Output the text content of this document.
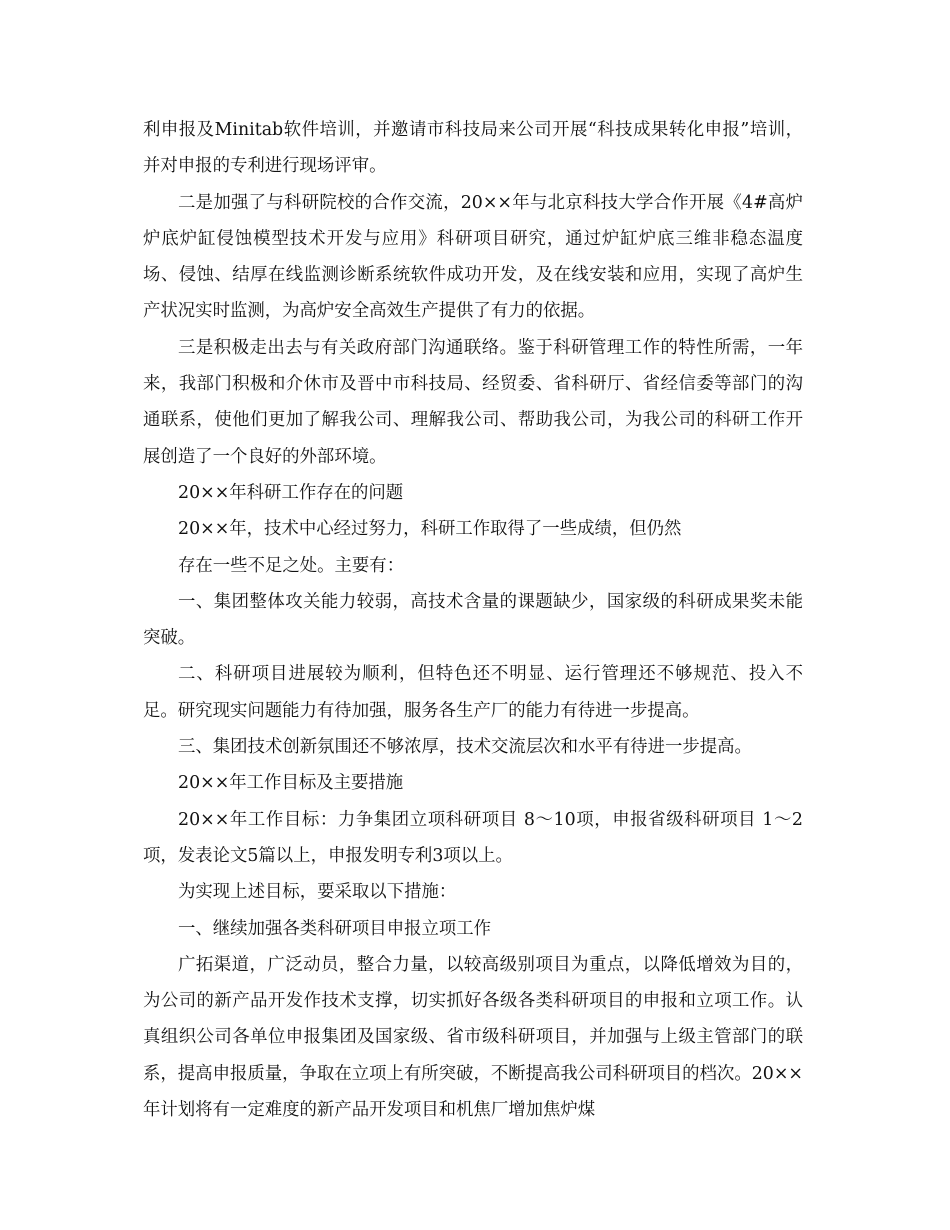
利申报及Minitab软件培训，并邀请市科技局来公司开展“科技成果转化申报”培训，并对申报的专利进行现场评审。

二是加强了与科研院校的合作交流，20××年与北京科技大学合作开展《4#高炉炉底炉缸侵蚀模型技术开发与应用》科研项目研究，通过炉缸炉底三维非稳态温度场、侵蚀、结厚在线监测诊断系统软件成功开发，及在线安装和应用，实现了高炉生产状况实时监测，为高炉安全高效生产提供了有力的依据。

三是积极走出去与有关政府部门沟通联络。鉴于科研管理工作的特性所需，一年来，我部门积极和介休市及晋中市科技局、经贸委、省科研厅、省经信委等部门的沟通联系，使他们更加了解我公司、理解我公司、帮助我公司，为我公司的科研工作开展创造了一个良好的外部环境。

20××年科研工作存在的问题

20××年，技术中心经过努力，科研工作取得了一些成绩，但仍然

存在一些不足之处。主要有：

一、集团整体攻关能力较弱，高技术含量的课题缺少，国家级的科研成果奖未能突破。

二、科研项目进展较为顺利，但特色还不明显、运行管理还不够规范、投入不足。研究现实问题能力有待加强，服务各生产厂的能力有待进一步提高。

三、集团技术创新氛围还不够浓厚，技术交流层次和水平有待进一步提高。

20××年工作目标及主要措施

20××年工作目标：力争集团立项科研项目 8～10项，申报省级科研项目 1～2项，发表论文5篇以上，申报发明专利3项以上。

为实现上述目标，要采取以下措施：

一、继续加强各类科研项目申报立项工作

广拓渠道，广泛动员，整合力量，以较高级别项目为重点，以降低增效为目的，为公司的新产品开发作技术支撑，切实抓好各级各类科研项目的申报和立项工作。认真组织公司各单位申报集团及国家级、省市级科研项目，并加强与上级主管部门的联系，提高申报质量，争取在立项上有所突破，不断提高我公司科研项目的档次。20××年计划将有一定难度的新产品开发项目和机焦厂增加焦炉煤
